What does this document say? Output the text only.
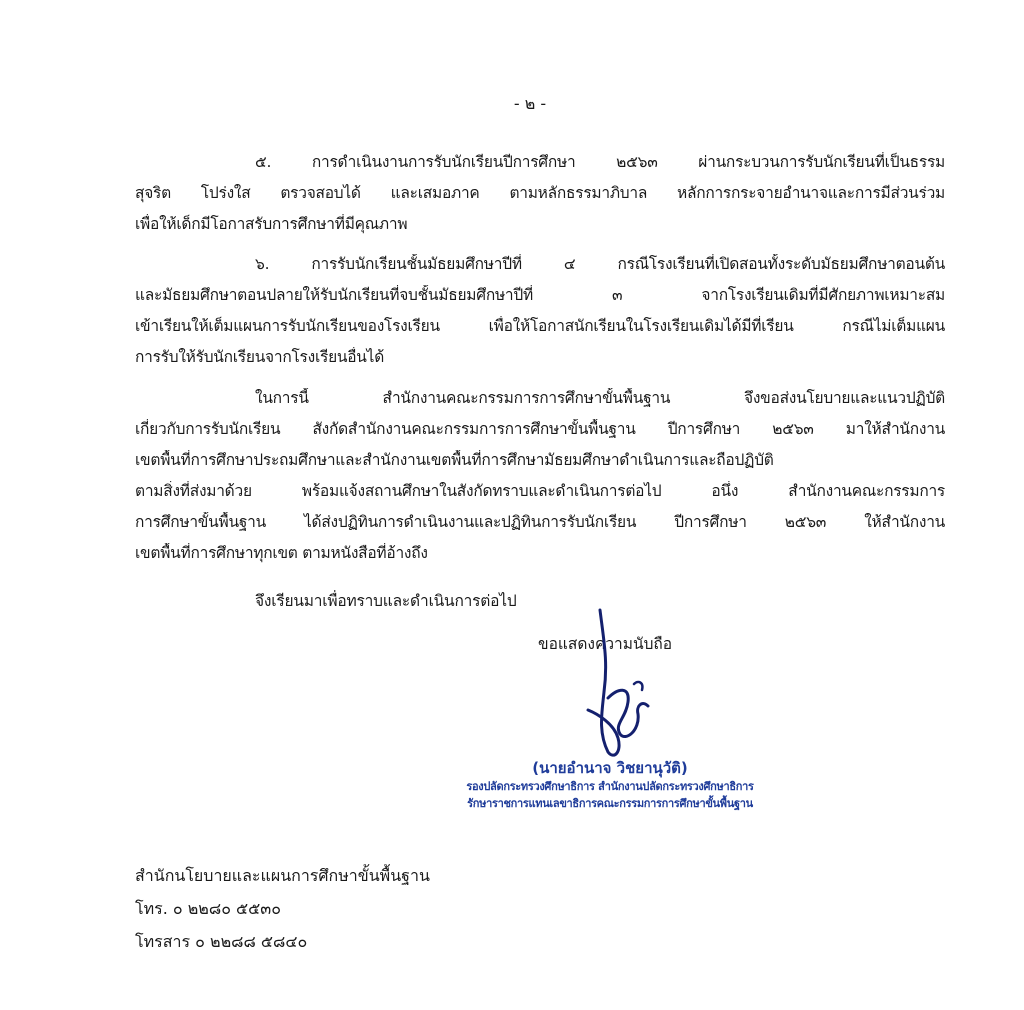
- ๒ -
๕. การดำเนินงานการรับนักเรียนปีการศึกษา ๒๕๖๓ ผ่านกระบวนการรับนักเรียนที่เป็นธรรม
สุจริต โปร่งใส ตรวจสอบได้ และเสมอภาค ตามหลักธรรมาภิบาล หลักการกระจายอำนาจและการมีส่วนร่วม
เพื่อให้เด็กมีโอกาสรับการศึกษาที่มีคุณภาพ
๖. การรับนักเรียนชั้นมัธยมศึกษาปีที่ ๔ กรณีโรงเรียนที่เปิดสอนทั้งระดับมัธยมศึกษาตอนต้น
และมัธยมศึกษาตอนปลายให้รับนักเรียนที่จบชั้นมัธยมศึกษาปีที่ ๓ จากโรงเรียนเดิมที่มีศักยภาพเหมาะสม
เข้าเรียนให้เต็มแผนการรับนักเรียนของโรงเรียน เพื่อให้โอกาสนักเรียนในโรงเรียนเดิมได้มีที่เรียน กรณีไม่เต็มแผน
การรับให้รับนักเรียนจากโรงเรียนอื่นได้
ในการนี้ สำนักงานคณะกรรมการการศึกษาขั้นพื้นฐาน จึงขอส่งนโยบายและแนวปฏิบัติ
เกี่ยวกับการรับนักเรียน สังกัดสำนักงานคณะกรรมการการศึกษาขั้นพื้นฐาน ปีการศึกษา ๒๕๖๓ มาให้สำนักงาน
เขตพื้นที่การศึกษาประถมศึกษาและสำนักงานเขตพื้นที่การศึกษามัธยมศึกษาดำเนินการและถือปฏิบัติ
ตามสิ่งที่ส่งมาด้วย พร้อมแจ้งสถานศึกษาในสังกัดทราบและดำเนินการต่อไป อนึ่ง สำนักงานคณะกรรมการ
การศึกษาขั้นพื้นฐาน ได้ส่งปฏิทินการดำเนินงานและปฏิทินการรับนักเรียน ปีการศึกษา ๒๕๖๓ ให้สำนักงาน
เขตพื้นที่การศึกษาทุกเขต ตามหนังสือที่อ้างถึง
จึงเรียนมาเพื่อทราบและดำเนินการต่อไป
ขอแสดงความนับถือ
(นายอำนาจ วิชยานุวัติ)
รองปลัดกระทรวงศึกษาธิการ สำนักงานปลัดกระทรวงศึกษาธิการ
รักษาราชการแทนเลขาธิการคณะกรรมการการศึกษาขั้นพื้นฐาน
สำนักนโยบายและแผนการศึกษาขั้นพื้นฐาน
โทร. ๐ ๒๒๘๐ ๕๕๓๐
โทรสาร ๐ ๒๒๘๘ ๕๘๔๐
